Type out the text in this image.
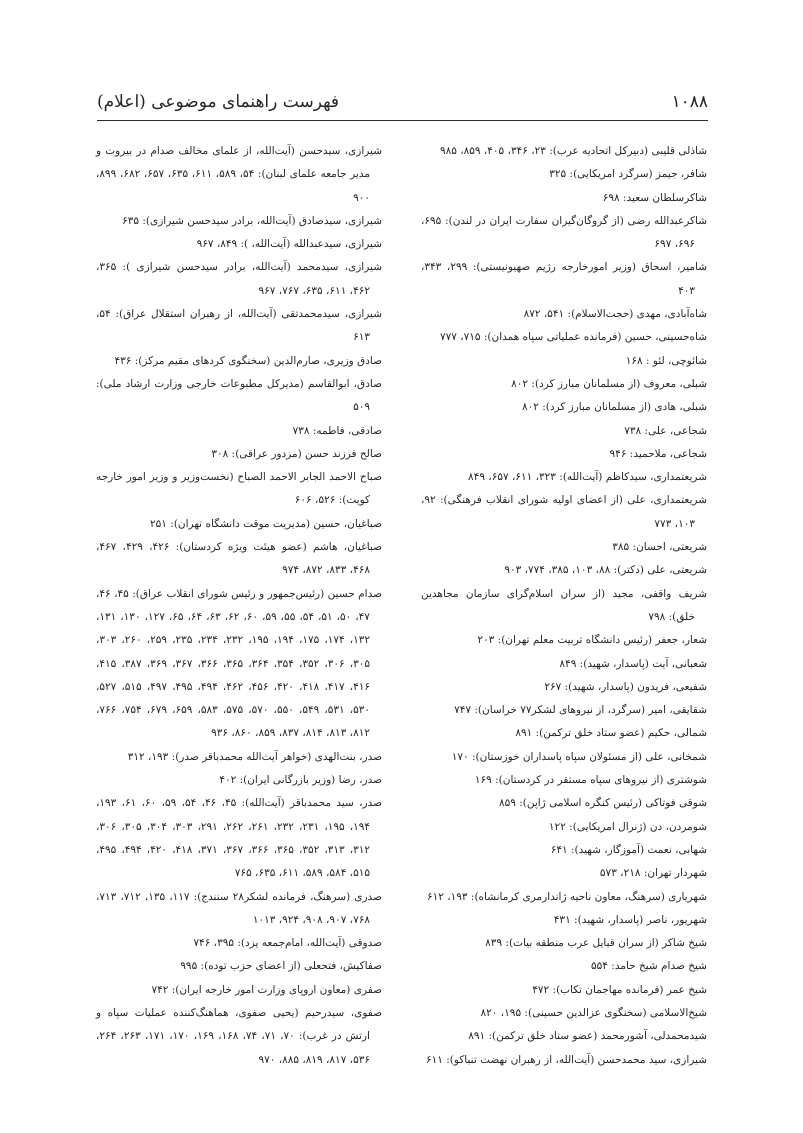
۱۰۸۸
فهرست راهنمای موضوعی (اعلام)

شاذلی قلیبی (دبیرکل اتحادیه عرب): ۲۳، ۳۴۶، ۴۰۵، ۸۵۹، ۹۸۵

شافر، جیمز (سرگرد امریکایی): ۳۲۵

شاکرسلطان سعید: ۶۹۸

شاکرعبدالله رضی (از گروگان‌گیران سفارت ایران در لندن): ۶۹۵، ۶۹۶، ۶۹۷

شامیر، اسحاق (وزیر امورخارجه رژیم صهیونیستی): ۲۹۹، ۳۴۳، ۴۰۳

شاه‌آبادی، مهدی (حجت‌الاسلام): ۵۴۱، ۸۷۲

شاه‌حسینی، حسین (فرمانده عملیاتی سپاه همدان): ۷۱۵، ۷۷۷

شائوچی، لئو : ۱۶۸

شبلی، معروف (از مسلمانان مبارز کرد): ۸۰۲

شبلی، هادی (از مسلمانان مبارز کرد): ۸۰۲

شجاعی، علی: ۷۳۸

شجاعی، ملاحمید: ۹۴۶

شریعتمداری، سیدکاظم (آیت‌الله): ۳۲۳، ۶۱۱، ۶۵۷، ۸۴۹

شریعتمداری، علی (از اعضای اولیه شورای انقلاب فرهنگی): ۹۲، ۱۰۳، ۷۷۳

شریعتی، احسان: ۳۸۵

شریعتی، علی (دکتر): ۸۸، ۱۰۳، ۳۸۵، ۷۷۴، ۹۰۳

شریف واقفی، مجید (از سران اسلام‌گرای سازمان مجاهدین خلق): ۷۹۸

شعار، جعفر (رئیس دانشگاه تربیت معلم تهران): ۲۰۳

شعبانی، آیت (پاسدار، شهید): ۸۴۹

شفیعی، فریدون (پاسدار، شهید): ۲۶۷

شقایقی، امیر (سرگرد، از نیروهای لشکر۷۷ خراسان): ۷۴۷

شمالی، حکیم (عضو ستاد خلق ترکمن): ۸۹۱

شمخانی، علی (از مسئولان سپاه پاسداران خوزستان): ۱۷۰

شوشتری (از نیروهای سپاه مستقر در کردستان): ۱۶۹

شوقی فوتاکی (رئیس کنگره اسلامی ژاپن): ۸۵۹

شومردن، دن (ژنرال امریکایی): ۱۲۲

شهابی، نعمت (آموزگار، شهید): ۶۴۱

شهردار تهران: ۲۱۸، ۵۷۳

شهریاری (سرهنگ، معاون ناحیه ژاندارمری کرمانشاه): ۱۹۳، ۶۱۲

شهریور، ناصر (پاسدار، شهید): ۴۳۱

شیخ شاکر (از سران قبایل عرب منطقه بیات): ۸۳۹

شیخ صدام شیخ حامد: ۵۵۴

شیخ عمر (فرمانده مهاجمان تکاب): ۴۷۲

شیخ‌الاسلامی (سخنگوی عزالدین حسینی): ۱۹۵، ۸۲۰

شیدمحمدلی، آشورمحمد (عضو ستاد خلق ترکمن): ۸۹۱

شیرازی، سید محمدحسن (آیت‌الله، از رهبران نهضت تنباکو): ۶۱۱

شیرازی، سیدحسن (آیت‌الله، از علمای مخالف صدام در بیروت و مدیر جامعه علمای لبنان): ۵۴، ۵۸۹، ۶۱۱، ۶۳۵، ۶۵۷، ۶۸۲، ۸۹۹، ۹۰۰

شیرازی، سیدصادق (آیت‌الله، برادر سیدحسن شیرازی): ۶۳۵

شیرازی، سیدعبدالله (آیت‌الله، ): ۸۴۹، ۹۶۷

شیرازی، سیدمحمد (آیت‌الله، برادر سیدحسن شیرازی ): ۳۶۵، ۴۶۲، ۶۱۱، ۶۳۵، ۷۶۷، ۹۶۷

شیرازی، سیدمحمدتقی (آیت‌الله، از رهبران استقلال عراق): ۵۴، ۶۱۳

صادق وزیری، صارم‌الدین (سخنگوی کردهای مقیم مرکز): ۴۳۶

صادق، ابوالقاسم (مدیرکل مطبوعات خارجی وزارت ارشاد ملی): ۵۰۹

صادقی، فاطمه: ۷۳۸

صالح فرزند حسن (مزدور عراقی): ۳۰۸

صباح الاحمد الجابر الاحمد الصباح (نخست‌وزیر و وزیر امور خارجه کویت): ۵۲۶، ۶۰۶

صباغیان، حسین (مدیریت موقت دانشگاه تهران): ۲۵۱

صباغیان، هاشم (عضو هیئت ویژه کردستان): ۴۲۶، ۴۲۹، ۴۶۷، ۴۶۸، ۸۳۳، ۸۷۲، ۹۷۴

صدام حسین (رئیس‌جمهور و رئیس شورای انقلاب عراق): ۴۵، ۴۶، ۴۷، ۵۰، ۵۱، ۵۴، ۵۵، ۵۹، ۶۰، ۶۲، ۶۳، ۶۴، ۶۵، ۱۲۷، ۱۳۰، ۱۳۱، ۱۳۲، ۱۷۴، ۱۷۵، ۱۹۴، ۱۹۵، ۲۳۲، ۲۳۴، ۲۳۵، ۲۵۹، ۲۶۰، ۳۰۳، ۳۰۵، ۳۰۶، ۳۵۲، ۳۵۴، ۳۶۴، ۳۶۵، ۳۶۶، ۳۶۷، ۳۶۹، ۳۸۷، ۴۱۵، ۴۱۶، ۴۱۷، ۴۱۸، ۴۲۰، ۴۵۶، ۴۶۲، ۴۹۴، ۴۹۵، ۴۹۷، ۵۱۵، ۵۲۷، ۵۳۰، ۵۳۱، ۵۴۹، ۵۵۰، ۵۷۰، ۵۷۵، ۵۸۳، ۶۵۹، ۶۷۹، ۷۵۴، ۷۶۶، ۸۱۲، ۸۱۳، ۸۱۴، ۸۳۷، ۸۵۹، ۸۶۰، ۹۳۶

صدر، بنت‌الهدی (خواهر آیت‌الله محمدباقر صدر): ۱۹۳، ۳۱۲

صدر، رضا (وزیر بازرگانی ایران): ۴۰۲

صدر، سید محمدباقر (آیت‌الله): ۴۵، ۴۶، ۵۴، ۵۹، ۶۰، ۶۱، ۱۹۳، ۱۹۴، ۱۹۵، ۲۳۱، ۲۳۲، ۲۶۱، ۲۶۲، ۲۹۱، ۳۰۳، ۳۰۴، ۳۰۵، ۳۰۶، ۳۱۲، ۳۱۳، ۳۵۲، ۳۶۵، ۳۶۶، ۳۶۷، ۳۷۱، ۴۱۸، ۴۲۰، ۴۹۴، ۴۹۵، ۵۱۵، ۵۸۴، ۵۸۹، ۶۱۱، ۶۳۵، ۷۶۵

صدری (سرهنگ، فرمانده لشکر۲۸ سنندج): ۱۱۷، ۱۳۵، ۷۱۲، ۷۱۳، ۷۶۸، ۹۰۷، ۹۰۸، ۹۲۴، ۱۰۱۳

صدوقی (آیت‌الله، امام‌جمعه یزد): ۳۹۵، ۷۴۶

صفاکیش، فتحعلی (از اعضای حزب توده): ۹۹۵

صفری (معاون اروپای وزارت امور خارجه ایران): ۷۴۲

صفوی، سیدرحیم (یحیی صفوی، هماهنگ‌کننده عملیات سپاه و ارتش در غرب): ۷۰، ۷۱، ۷۴، ۱۶۸، ۱۶۹، ۱۷۰، ۱۷۱، ۲۶۳، ۲۶۴، ۵۳۶، ۸۱۷، ۸۱۹، ۸۸۵، ۹۷۰
